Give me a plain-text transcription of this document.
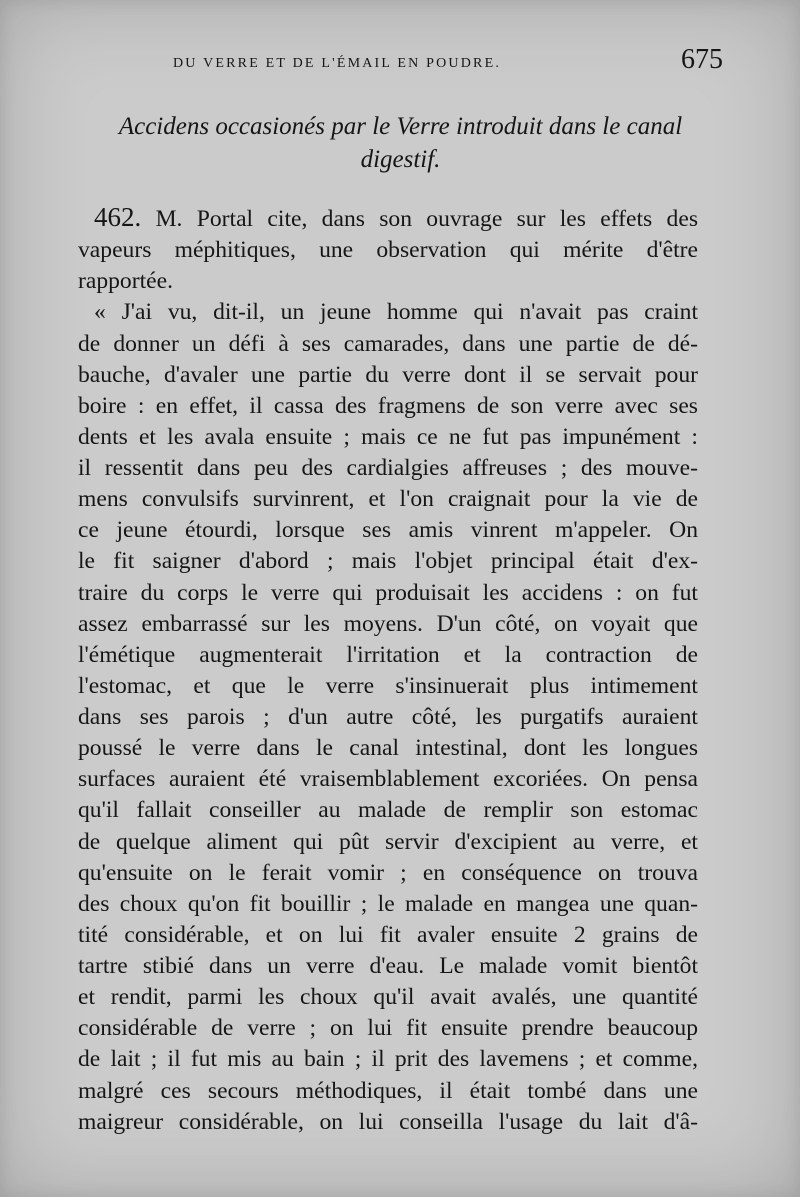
DU VERRE ET DE L'ÉMAIL EN POUDRE.	675
Accidens occasionés par le Verre introduit dans le canal
digestif.
462. M. Portal cite, dans son ouvrage sur les effets des
vapeurs méphitiques, une observation qui mérite d'être
rapportée.
« J'ai vu, dit-il, un jeune homme qui n'avait pas craint
de donner un défi à ses camarades, dans une partie de dé-
bauche, d'avaler une partie du verre dont il se servait pour
boire : en effet, il cassa des fragmens de son verre avec ses
dents et les avala ensuite ; mais ce ne fut pas impunément :
il ressentit dans peu des cardialgies affreuses ; des mouve-
mens convulsifs survinrent, et l'on craignait pour la vie de
ce jeune étourdi, lorsque ses amis vinrent m'appeler. On
le fit saigner d'abord ; mais l'objet principal était d'ex-
traire du corps le verre qui produisait les accidens : on fut
assez embarrassé sur les moyens. D'un côté, on voyait que
l'émétique augmenterait l'irritation et la contraction de
l'estomac, et que le verre s'insinuerait plus intimement
dans ses parois ; d'un autre côté, les purgatifs auraient
poussé le verre dans le canal intestinal, dont les longues
surfaces auraient été vraisemblablement excoriées. On pensa
qu'il fallait conseiller au malade de remplir son estomac
de quelque aliment qui pût servir d'excipient au verre, et
qu'ensuite on le ferait vomir ; en conséquence on trouva
des choux qu'on fit bouillir ; le malade en mangea une quan-
tité considérable, et on lui fit avaler ensuite 2 grains de
tartre stibié dans un verre d'eau. Le malade vomit bientôt
et rendit, parmi les choux qu'il avait avalés, une quantité
considérable de verre ; on lui fit ensuite prendre beaucoup
de lait ; il fut mis au bain ; il prit des lavemens ; et comme,
malgré ces secours méthodiques, il était tombé dans une
maigreur considérable, on lui conseilla l'usage du lait d'â-
